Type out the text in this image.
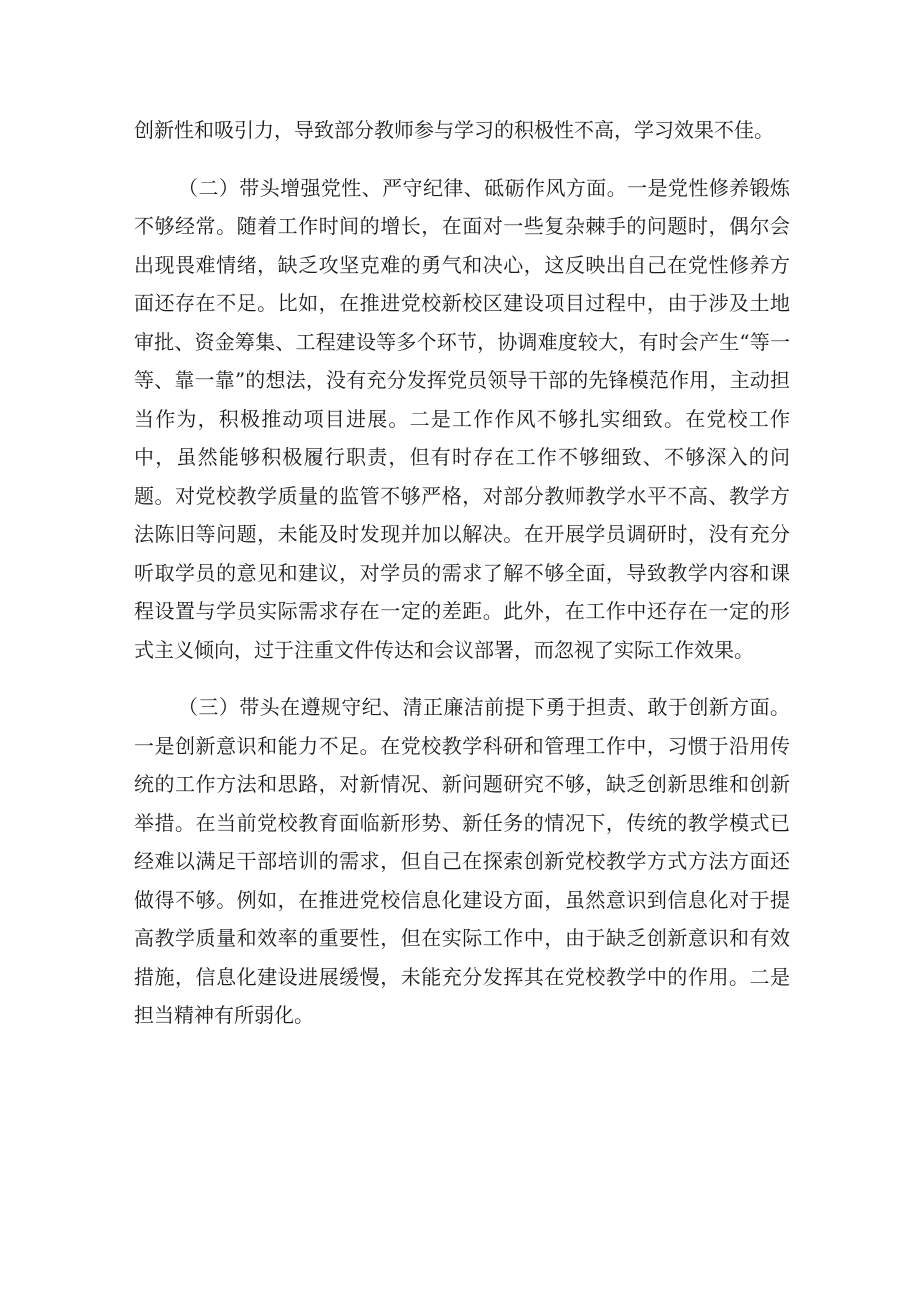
创新性和吸引力，导致部分教师参与学习的积极性不高，学习效果不佳。

（二）带头增强党性、严守纪律、砥砺作风方面。一是党性修养锻炼不够经常。随着工作时间的增长，在面对一些复杂棘手的问题时，偶尔会出现畏难情绪，缺乏攻坚克难的勇气和决心，这反映出自己在党性修养方面还存在不足。比如，在推进党校新校区建设项目过程中，由于涉及土地审批、资金筹集、工程建设等多个环节，协调难度较大，有时会产生“等一等、靠一靠”的想法，没有充分发挥党员领导干部的先锋模范作用，主动担当作为，积极推动项目进展。二是工作作风不够扎实细致。在党校工作中，虽然能够积极履行职责，但有时存在工作不够细致、不够深入的问题。对党校教学质量的监管不够严格，对部分教师教学水平不高、教学方法陈旧等问题，未能及时发现并加以解决。在开展学员调研时，没有充分听取学员的意见和建议，对学员的需求了解不够全面，导致教学内容和课程设置与学员实际需求存在一定的差距。此外，在工作中还存在一定的形式主义倾向，过于注重文件传达和会议部署，而忽视了实际工作效果。

（三）带头在遵规守纪、清正廉洁前提下勇于担责、敢于创新方面。一是创新意识和能力不足。在党校教学科研和管理工作中，习惯于沿用传统的工作方法和思路，对新情况、新问题研究不够，缺乏创新思维和创新举措。在当前党校教育面临新形势、新任务的情况下，传统的教学模式已经难以满足干部培训的需求，但自己在探索创新党校教学方式方法方面还做得不够。例如，在推进党校信息化建设方面，虽然意识到信息化对于提高教学质量和效率的重要性，但在实际工作中，由于缺乏创新意识和有效措施，信息化建设进展缓慢，未能充分发挥其在党校教学中的作用。二是担当精神有所弱化。
